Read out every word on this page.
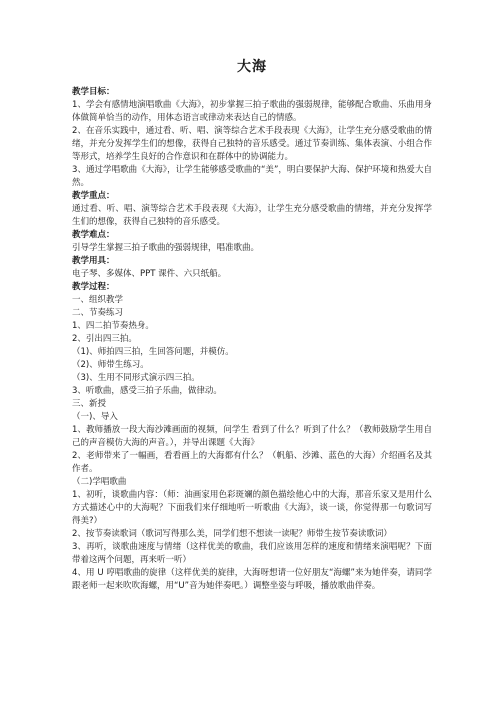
大海

教学目标：

1、学会有感情地演唱歌曲《大海》，初步掌握三拍子歌曲的强弱规律，能够配合歌曲、乐曲用身体做简单恰当的动作，用体态语言或律动来表达自己的情感。

2、在音乐实践中，通过看、听、唱、演等综合艺术手段表现《大海》，让学生充分感受歌曲的情绪，并充分发挥学生们的想像，获得自己独特的音乐感受。通过节奏训练、集体表演、小组合作等形式，培养学生良好的合作意识和在群体中的协调能力。

3、通过学唱歌曲《大海》，让学生能够感受歌曲的“美”，明白要保护大海、保护环境和热爱大自然。

教学重点：

通过看、听、唱、演等综合艺术手段表现《大海》，让学生充分感受歌曲的情绪，并充分发挥学生们的想像，获得自己独特的音乐感受。

教学难点：

引导学生掌握三拍子歌曲的强弱规律，唱准歌曲。

教学用具：

电子琴、多媒体、PPT 课件、六只纸船。

教学过程：

一、组织教学

二、节奏练习

1、四二拍节奏热身。

2、引出四三拍。

（1)、师拍四三拍，生回答问题，并模仿。

（2)、师带生练习。

（3)、生用不同形式演示四三拍。

3、听歌曲，感受三拍子乐曲，做律动。

三、新授

（一)、导入

1、教师播放一段大海沙滩画面的视频，问学生 看到了什么？听到了什么？（教师鼓励学生用自己的声音模仿大海的声音。），并导出课题《大海》

2、老师带来了一幅画，看看画上的大海都有什么？（帆船、沙滩、蓝色的大海）介绍画名及其作者。

（二)学唱歌曲

1、初听，谈歌曲内容：（师：油画家用色彩斑斓的颜色描绘他心中的大海，那音乐家又是用什么方式描述心中的大海呢？下面我们来仔细地听一听歌曲《大海》，谈一谈，你觉得那一句歌词写得美?）

2、按节奏读歌词（歌词写得那么美，同学们想不想读一读呢？师带生按节奏读歌词）

3、再听，谈歌曲速度与情绪（这样优美的歌曲，我们应该用怎样的速度和情绪来演唱呢？下面带着这两个问题，再来听一听）

4、用 U 哼唱歌曲的旋律（这样优美的旋律，大海呀想请一位好朋友“海螺”来为她伴奏，请同学跟老师一起来吹吹海螺，用“U”音为她伴奏吧。）调整坐姿与呼吸，播放歌曲伴奏。
